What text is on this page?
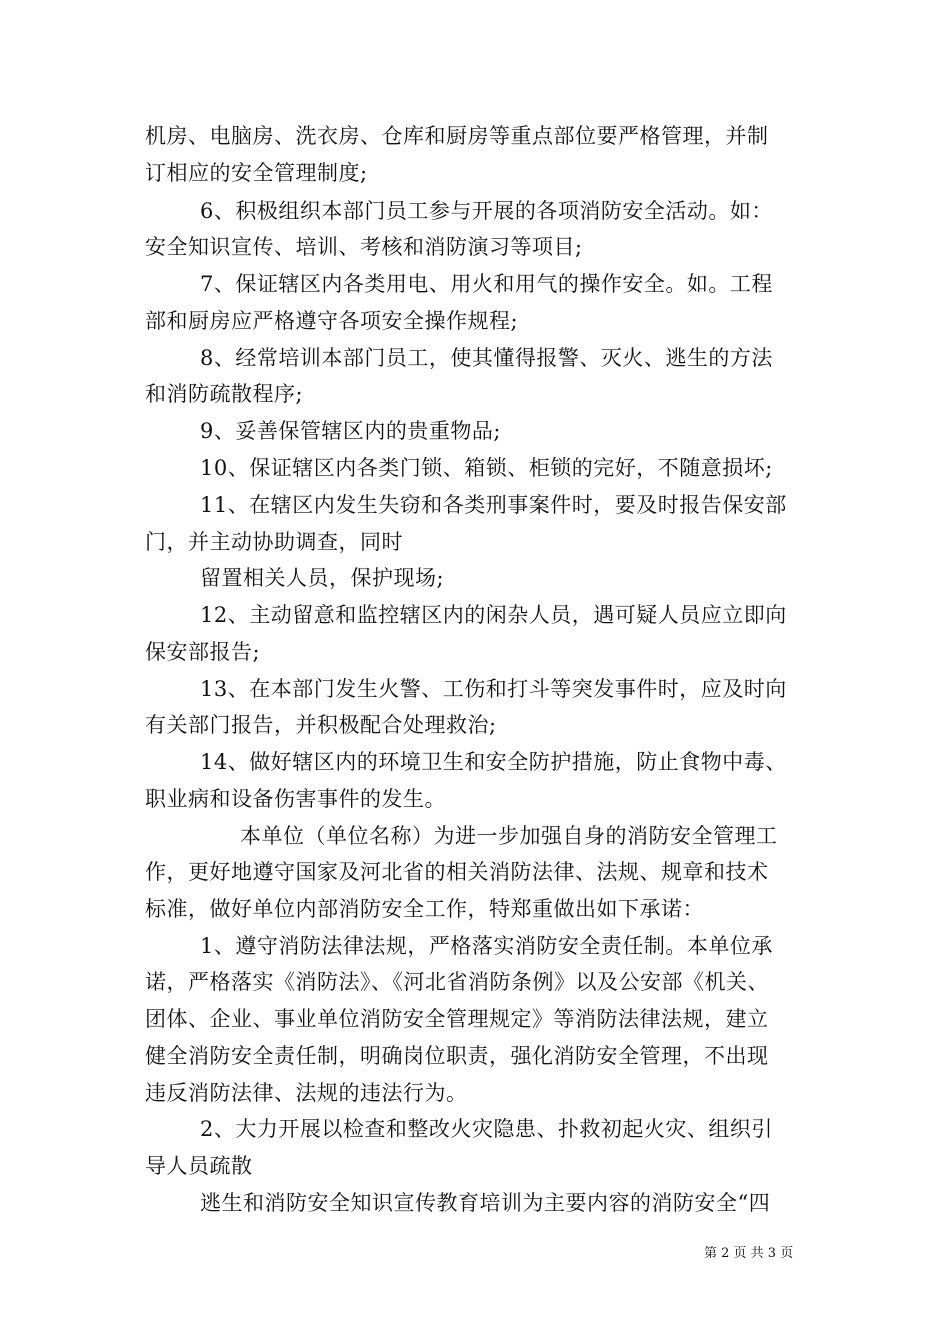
机房、电脑房、洗衣房、仓库和厨房等重点部位要严格管理，并制
订相应的安全管理制度;
6、积极组织本部门员工参与开展的各项消防安全活动。如：
安全知识宣传、培训、考核和消防演习等项目;
7、保证辖区内各类用电、用火和用气的操作安全。如。工程
部和厨房应严格遵守各项安全操作规程;
8、经常培训本部门员工，使其懂得报警、灭火、逃生的方法
和消防疏散程序;
9、妥善保管辖区内的贵重物品;
10、保证辖区内各类门锁、箱锁、柜锁的完好，不随意损坏;
11、在辖区内发生失窃和各类刑事案件时，要及时报告保安部
门，并主动协助调查，同时
留置相关人员，保护现场;
12、主动留意和监控辖区内的闲杂人员，遇可疑人员应立即向
保安部报告;
13、在本部门发生火警、工伤和打斗等突发事件时，应及时向
有关部门报告，并积极配合处理救治;
14、做好辖区内的环境卫生和安全防护措施，防止食物中毒、
职业病和设备伤害事件的发生。
本单位（单位名称）为进一步加强自身的消防安全管理工
作，更好地遵守国家及河北省的相关消防法律、法规、规章和技术
标准，做好单位内部消防安全工作，特郑重做出如下承诺：
1、遵守消防法律法规，严格落实消防安全责任制。本单位承
诺，严格落实《消防法》、《河北省消防条例》以及公安部《机关、
团体、企业、事业单位消防安全管理规定》等消防法律法规，建立
健全消防安全责任制，明确岗位职责，强化消防安全管理，不出现
违反消防法律、法规的违法行为。
2、大力开展以检查和整改火灾隐患、扑救初起火灾、组织引
导人员疏散
逃生和消防安全知识宣传教育培训为主要内容的消防安全“四
第 2 页 共 3 页
